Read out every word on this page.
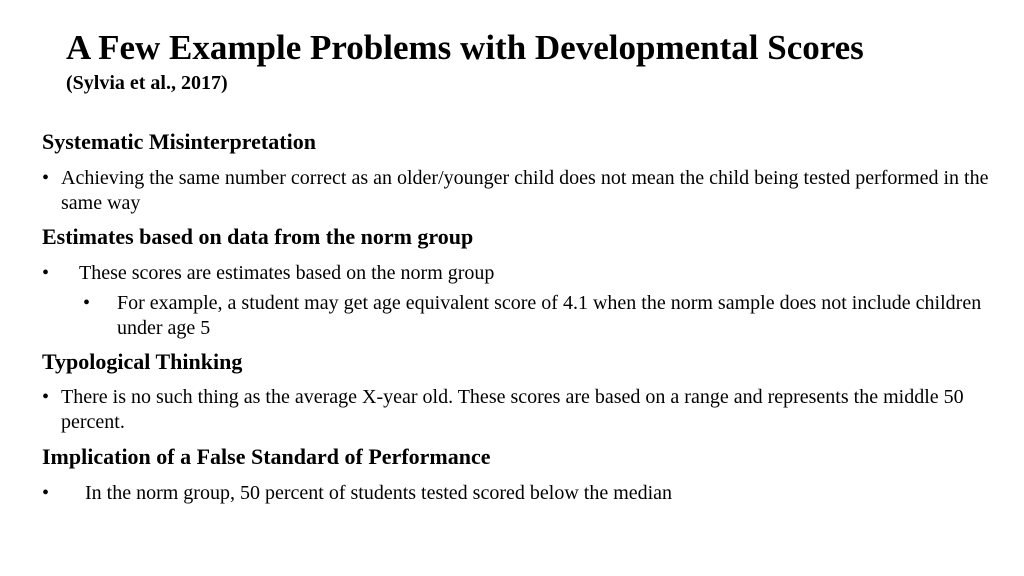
A Few Example Problems with Developmental Scores
(Sylvia et al., 2017)
Systematic Misinterpretation
• Achieving the same number correct as an older/younger child does not mean the child being tested performed in the same way
Estimates based on data from the norm group
• These scores are estimates based on the norm group
• For example, a student may get age equivalent score of 4.1 when the norm sample does not include children under age 5
Typological Thinking
• There is no such thing as the average X-year old. These scores are based on a range and represents the middle 50 percent.
Implication of a False Standard of Performance
• In the norm group, 50 percent of students tested scored below the median
